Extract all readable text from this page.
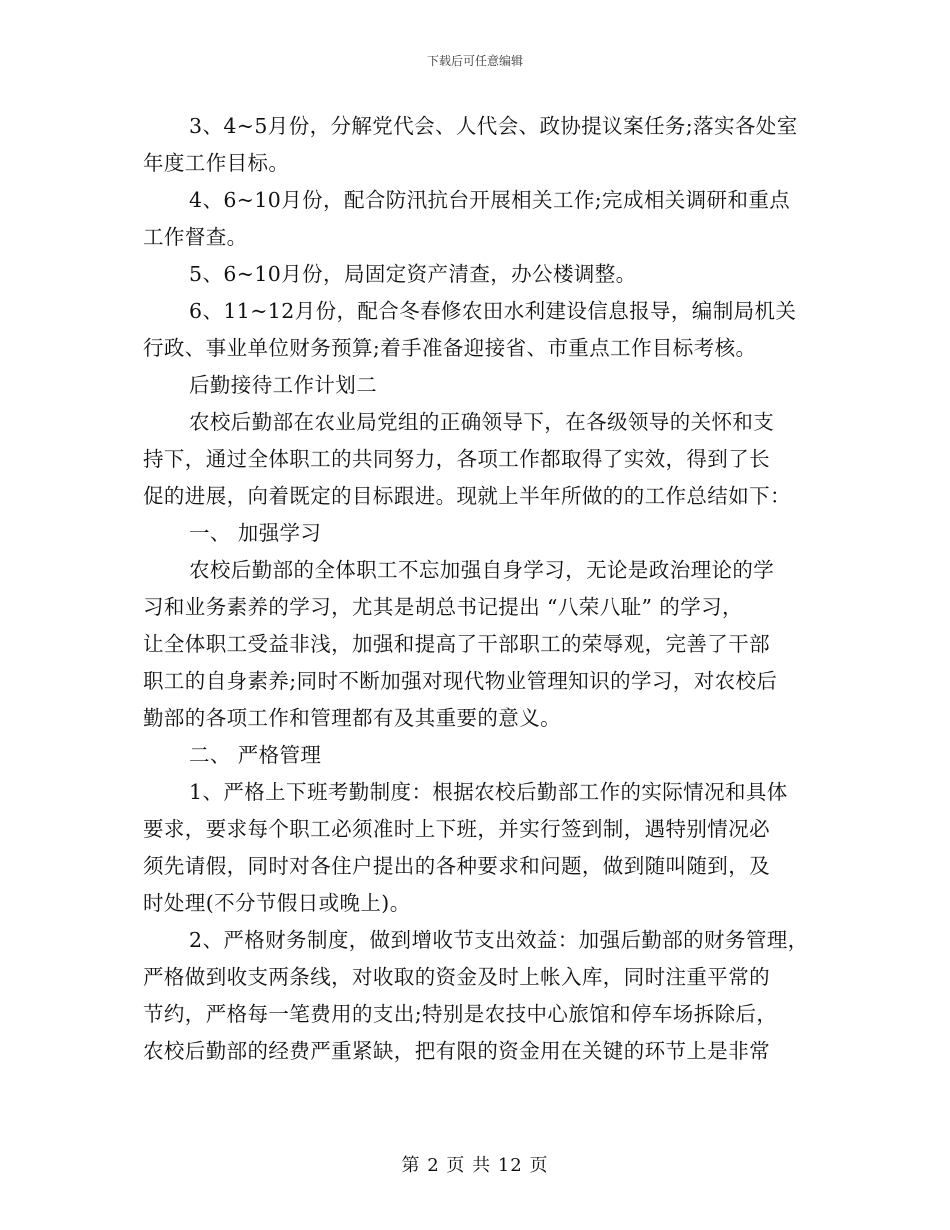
下载后可任意编辑
3、4~5月份，分解党代会、人代会、政协提议案任务;落实各处室
年度工作目标。
4、6~10月份，配合防汛抗台开展相关工作;完成相关调研和重点
工作督查。
5、6~10月份，局固定资产清查，办公楼调整。
6、11~12月份，配合冬春修农田水利建设信息报导，编制局机关
行政、事业单位财务预算;着手准备迎接省、市重点工作目标考核。
后勤接待工作计划二
农校后勤部在农业局党组的正确领导下，在各级领导的关怀和支
持下，通过全体职工的共同努力，各项工作都取得了实效，得到了长
促的进展，向着既定的目标跟进。现就上半年所做的的工作总结如下：
一、 加强学习
农校后勤部的全体职工不忘加强自身学习，无论是政治理论的学
习和业务素养的学习，尤其是胡总书记提出 “八荣八耻” 的学习，
让全体职工受益非浅，加强和提高了干部职工的荣辱观，完善了干部
职工的自身素养;同时不断加强对现代物业管理知识的学习，对农校后
勤部的各项工作和管理都有及其重要的意义。
二、 严格管理
1、严格上下班考勤制度：根据农校后勤部工作的实际情况和具体
要求，要求每个职工必须准时上下班，并实行签到制，遇特别情况必
须先请假，同时对各住户提出的各种要求和问题，做到随叫随到，及
时处理(不分节假日或晚上)。
2、严格财务制度，做到增收节支出效益：加强后勤部的财务管理，
严格做到收支两条线，对收取的资金及时上帐入库，同时注重平常的
节约，严格每一笔费用的支出;特别是农技中心旅馆和停车场拆除后，
农校后勤部的经费严重紧缺，把有限的资金用在关键的环节上是非常
第 2 页 共 12 页
